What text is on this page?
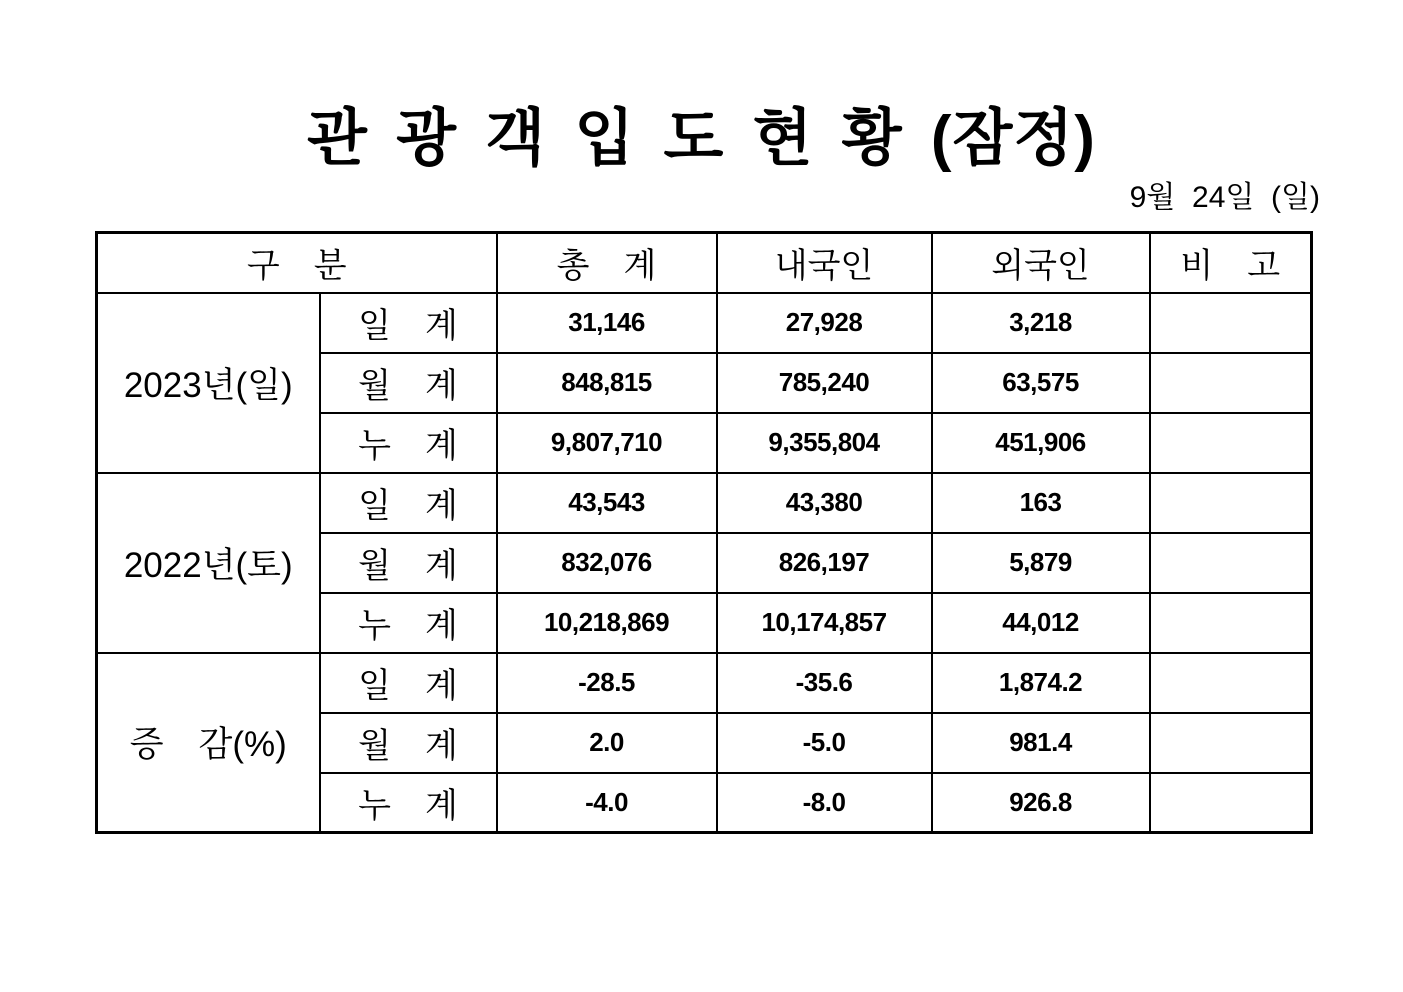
관 광 객 입 도 현 황 (잠정)
9월  24일  (일)
구　분		총　계	내국인	외국인	비　고
2023년(일)	일　계	31,146	27,928	3,218	
	월　계	848,815	785,240	63,575	
	누　계	9,807,710	9,355,804	451,906	
2022년(토)	일　계	43,543	43,380	163	
	월　계	832,076	826,197	5,879	
	누　계	10,218,869	10,174,857	44,012	
증　감(%)	일　계	-28.5	-35.6	1,874.2	
	월　계	2.0	-5.0	981.4	
	누　계	-4.0	-8.0	926.8	
